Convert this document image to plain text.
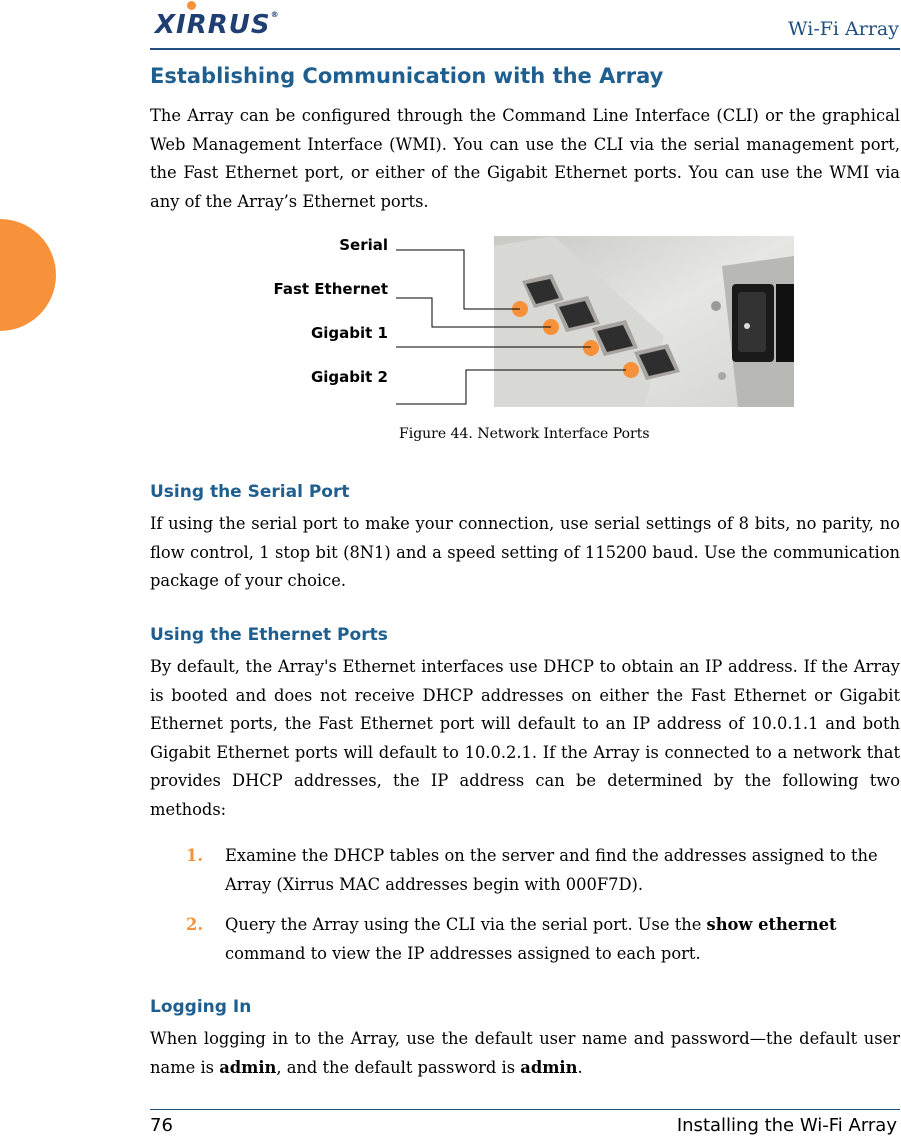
XIRRUS®
Wi-Fi Array
Establishing Communication with the Array

The Array can be configured through the Command Line Interface (CLI) or the graphical Web Management Interface (WMI). You can use the CLI via the serial management port, the Fast Ethernet port, or either of the Gigabit Ethernet ports. You can use the WMI via any of the Array’s Ethernet ports.

Serial
Fast Ethernet
Gigabit 1
Gigabit 2
Figure 44. Network Interface Ports
Using the Serial Port

If using the serial port to make your connection, use serial settings of 8 bits, no parity, no flow control, 1 stop bit (8N1) and a speed setting of 115200 baud. Use the communication package of your choice.

Using the Ethernet Ports

By default, the Array's Ethernet interfaces use DHCP to obtain an IP address. If the Array is booted and does not receive DHCP addresses on either the Fast Ethernet or Gigabit Ethernet ports, the Fast Ethernet port will default to an IP address of 10.0.1.1 and both Gigabit Ethernet ports will default to 10.0.2.1. If the Array is connected to a network that provides DHCP addresses, the IP address can be determined by the following two methods:

1. Examine the DHCP tables on the server and find the addresses assigned to the Array (Xirrus MAC addresses begin with 000F7D).
2. Query the Array using the CLI via the serial port. Use the show ethernet command to view the IP addresses assigned to each port.
Logging In

When logging in to the Array, use the default user name and password—the default user name is admin, and the default password is admin.

76	Installing the Wi-Fi Array
